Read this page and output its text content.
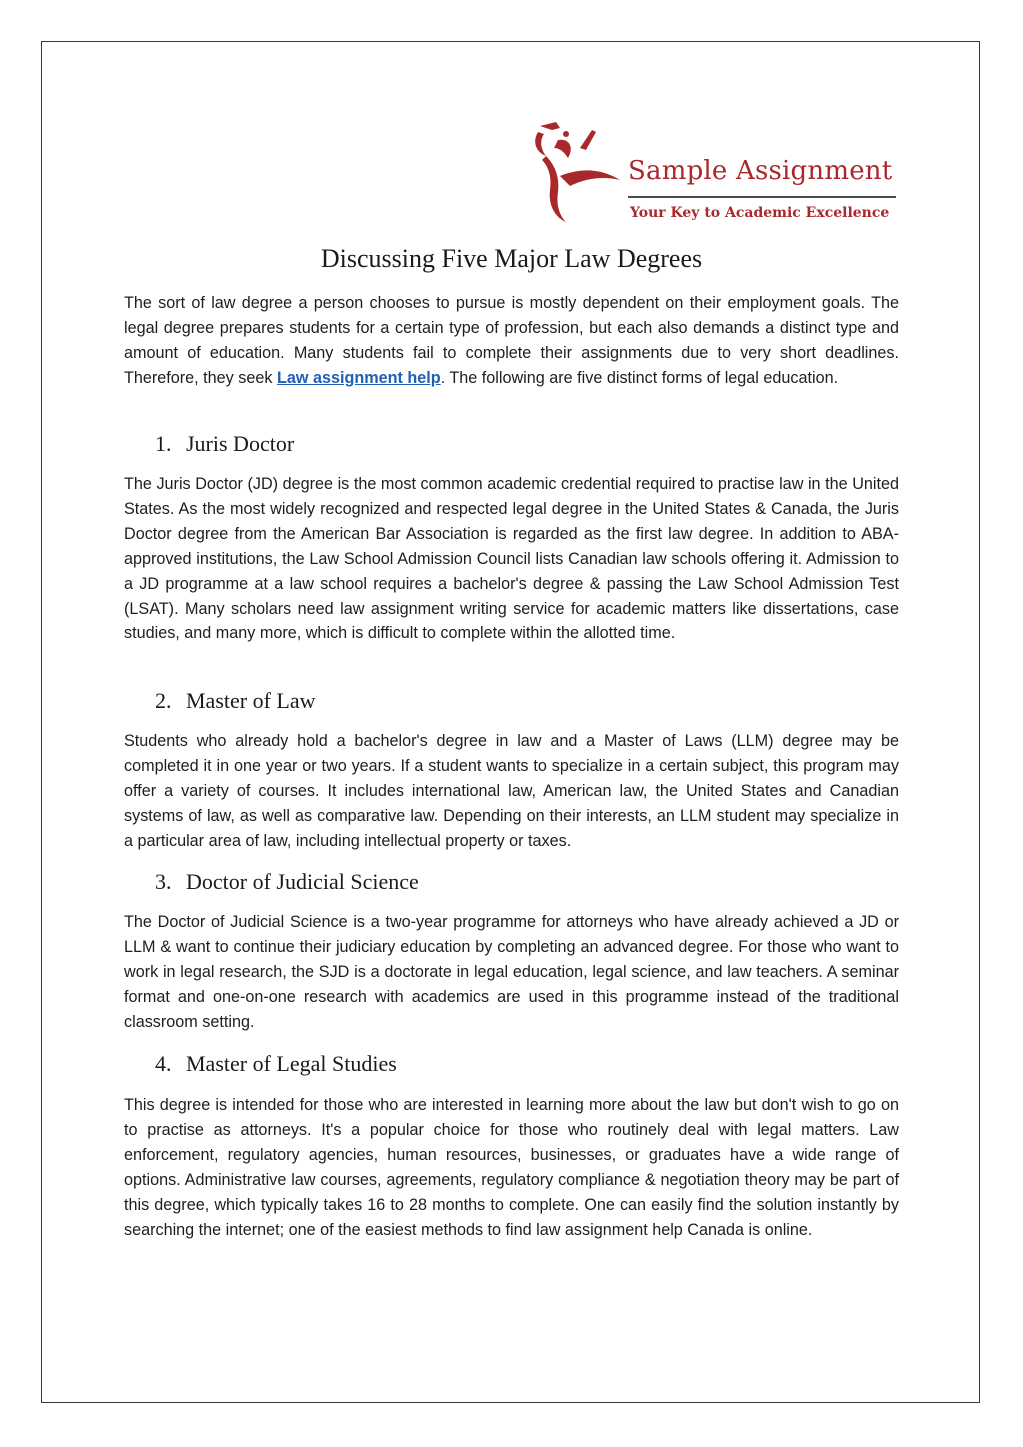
Sample Assignment
Your Key to Academic Excellence
Discussing Five Major Law Degrees

The sort of law degree a person chooses to pursue is mostly dependent on their employment goals. The legal degree prepares students for a certain type of profession, but each also demands a distinct type and amount of education. Many students fail to complete their assignments due to very short deadlines. Therefore, they seek Law assignment help. The following are five distinct forms of legal education.

1. Juris Doctor

The Juris Doctor (JD) degree is the most common academic credential required to practise law in the United States. As the most widely recognized and respected legal degree in the United States & Canada, the Juris Doctor degree from the American Bar Association is regarded as the first law degree. In addition to ABA-approved institutions, the Law School Admission Council lists Canadian law schools offering it. Admission to a JD programme at a law school requires a bachelor's degree & passing the Law School Admission Test (LSAT). Many scholars need law assignment writing service for academic matters like dissertations, case studies, and many more, which is difficult to complete within the allotted time.

2. Master of Law

Students who already hold a bachelor's degree in law and a Master of Laws (LLM) degree may be completed it in one year or two years. If a student wants to specialize in a certain subject, this program may offer a variety of courses. It includes international law, American law, the United States and Canadian systems of law, as well as comparative law. Depending on their interests, an LLM student may specialize in a particular area of law, including intellectual property or taxes.

3. Doctor of Judicial Science

The Doctor of Judicial Science is a two-year programme for attorneys who have already achieved a JD or LLM & want to continue their judiciary education by completing an advanced degree. For those who want to work in legal research, the SJD is a doctorate in legal education, legal science, and law teachers. A seminar format and one-on-one research with academics are used in this programme instead of the traditional classroom setting.

4. Master of Legal Studies

This degree is intended for those who are interested in learning more about the law but don't wish to go on to practise as attorneys. It's a popular choice for those who routinely deal with legal matters. Law enforcement, regulatory agencies, human resources, businesses, or graduates have a wide range of options. Administrative law courses, agreements, regulatory compliance & negotiation theory may be part of this degree, which typically takes 16 to 28 months to complete. One can easily find the solution instantly by searching the internet; one of the easiest methods to find law assignment help Canada is online.
